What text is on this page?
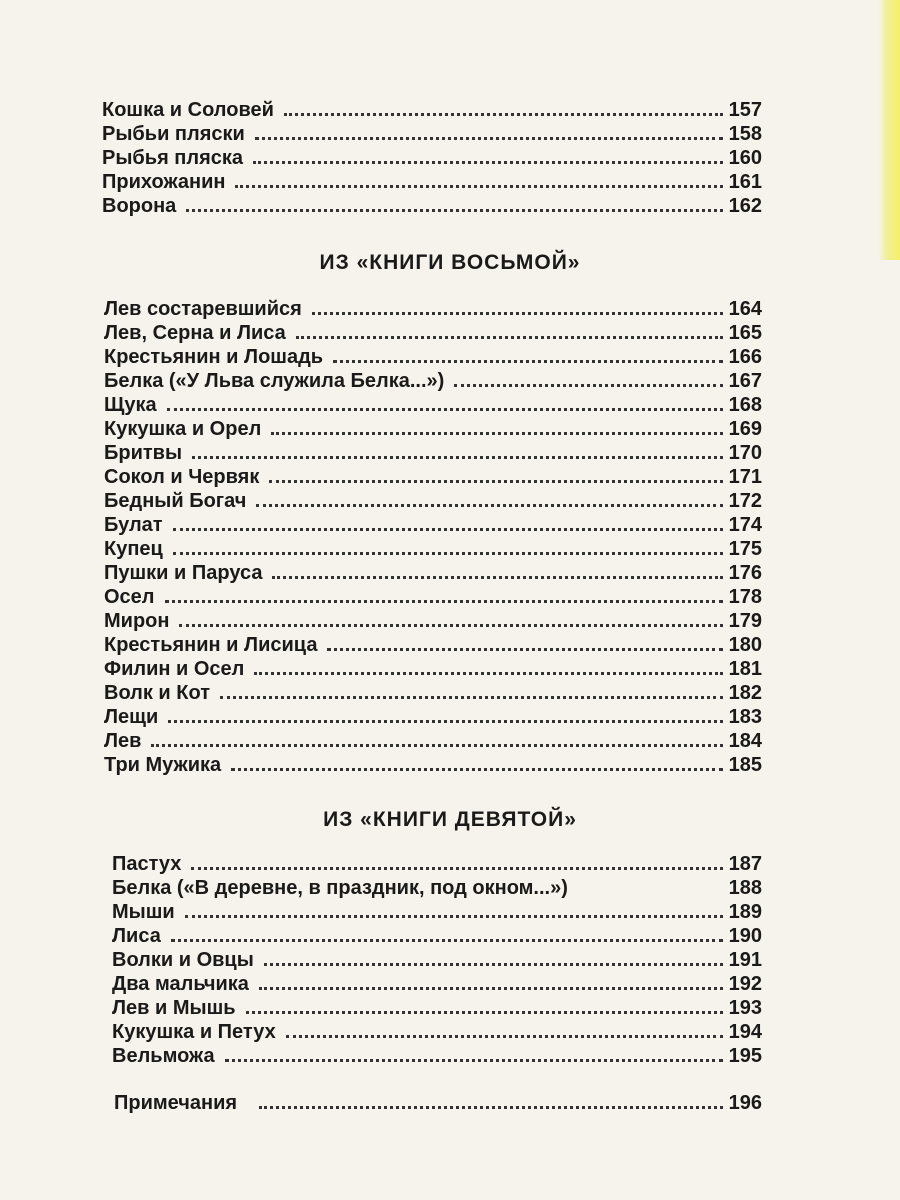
Кошка и Соловей	157
Рыбьи пляски	158
Рыбья пляска	160
Прихожанин	161
Ворона	162
ИЗ «КНИГИ ВОСЬМОЙ»
Лев состаревшийся	164
Лев, Серна и Лиса	165
Крестьянин и Лошадь	166
Белка («У Льва служила Белка...»)	167
Щука	168
Кукушка и Орел	169
Бритвы	170
Сокол и Червяк	171
Бедный Богач	172
Булат	174
Купец	175
Пушки и Паруса	176
Осел	178
Мирон	179
Крестьянин и Лисица	180
Филин и Осел	181
Волк и Кот	182
Лещи	183
Лев	184
Три Мужика	185
ИЗ «КНИГИ ДЕВЯТОЙ»
Пастух	187
Белка («В деревне, в праздник, под окном...»)	188
Мыши	189
Лиса	190
Волки и Овцы	191
Два мальчика	192
Лев и Мышь	193
Кукушка и Петух	194
Вельможа	195
Примечания	196
